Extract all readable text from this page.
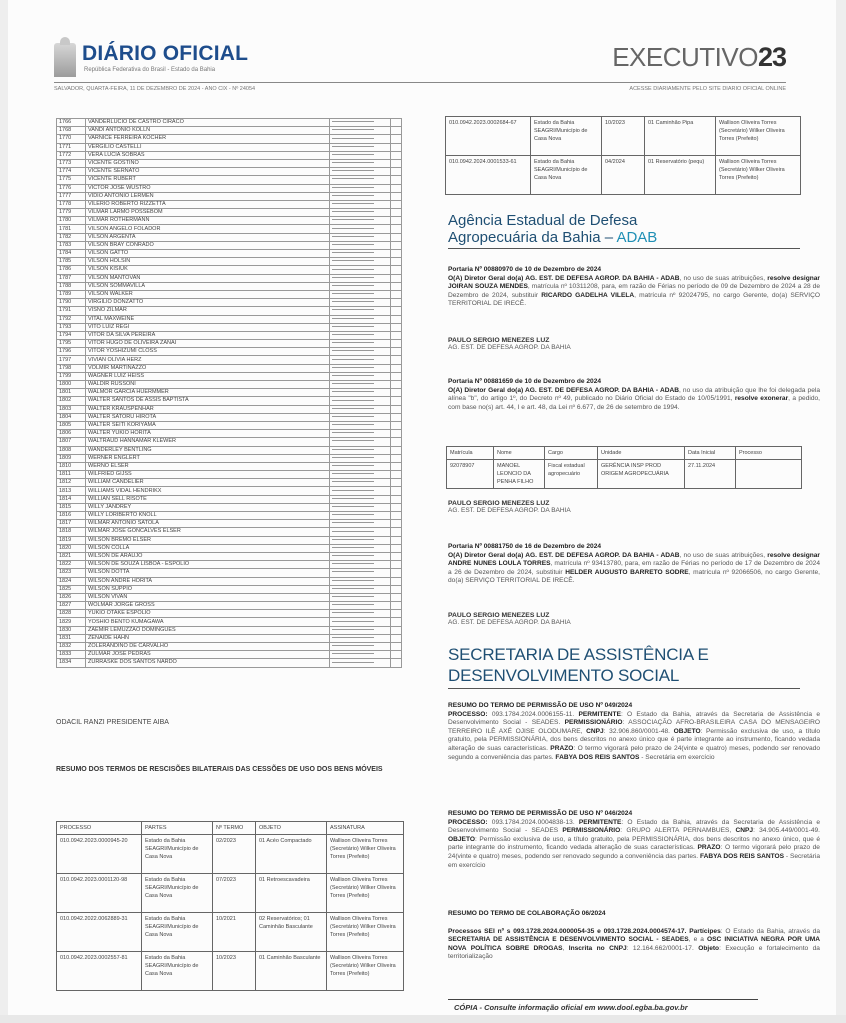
DIÁRIO OFICIAL
República Federativa do Brasil - Estado da Bahia	EXECUTIVO23
SALVADOR, QUARTA-FEIRA, 11 DE DEZEMBRO DE 2024 - ANO CIX - Nº 24054	ACESSE DIARIAMENTE PELO SITE DIARIO OFICIAL ONLINE
1766	VANDERLUCIO DE CASTRO CIRACO		
1768	VANDI ANTONIO KOLLN		
1770	VARNICE FERREIRA KOCHER		
1771	VERGILIO CASTELLI		
1772	VERA LUCIA SOBRAS		
1773	VICENTE GOSTINO		
1774	VICENTE SERNATO		
1775	VICENTE RUBERT		
1776	VICTOR JOSE WUSTRO		
1777	VIDIO ANTONIO LERMEN		
1778	VILERIO ROBERTO RIZZETTA		
1779	VILMAR LARMO POSSEBOM		
1780	VILMAR ROTHERMANN		
1781	VILSON ANGELO FOLADOR		
1782	VILSON ARGENTA		
1783	VILSON BRAY CONRADO		
1784	VILSON GATTO		
1785	VILSON HOLSIN		
1786	VILSON KISIUK		
1787	VILSON MANTOVAN		
1788	VILSON SOMMAVILLA		
1789	VILSON WALKER		
1790	VIRGILIO DONZATTO		
1791	VISNO ZILMAR		
1792	VITAL MAXWEINE		
1793	VITO LUIZ REGI		
1794	VITOR DA SILVA PEREIRA		
1795	VITOR HUGO DE OLIVEIRA ZANAI		
1796	VITOR YOSHIZUMI CLOSS		
1797	VIVIAN OLIVIA HERZ		
1798	VOLMIR MARTINAZZO		
1799	WAGNER LUIZ HEISS		
1800	WALDIR RUSSONI		
1801	WALMOR GARCIA HUERMMER		
1802	WALTER SANTOS DE ASSIS BAPTISTA		
1803	WALTER KRAUSPENHAR		
1804	WALTER SATORU HIROTA		
1805	WALTER SEITI KORIYAMA		
1806	WALTER YUKIO HORITA		
1807	WALTRAUD HANNAMAR KLEWER		
1808	WANDERLEY BENTLING		
1809	WERNER ENGLERT		
1810	WERNO ELSER		
1811	WILFRIED GIJSS		
1812	WILLIAM CANDELIER		
1813	WILLIAMS VIDAL HENDRIKX		
1814	WILLIAN SELL RISOTE		
1815	WILLY JANDREY		
1816	WILLY LORIBERTO KNOLL		
1817	WILMAR ANTONIO SATOLA		
1818	WILMAR JOSE GONCALVES ELSER		
1819	WILSON BREMO ELSER		
1820	WILSON COLLA		
1821	WILSON DE ARAUJO		
1822	WILSON DE SOUZA LISBOA - ESPÓLIO		
1823	WILSON DOTTA		
1824	WILSON ANDRE HORITA		
1825	WILSON SUPPIO		
1826	WILSON VIVAN		
1827	WOLMAR JORGE GROSS		
1828	YUKIO OTAKE ESPÓLIO		
1829	YOSHIO BENTO KUMAGAWA		
1830	ZAEMIR LEMUZZAO DOMINGUES		
1831	ZENAIDE HAHN		
1832	ZOLERANDINO DE CARVALHO		
1833	ZULMAR JOSE PEDRAS		
1834	ZURRASKE DOS SANTOS NARDO		
ODACIL RANZI PRESIDENTE AIBA
RESUMO DOS TERMOS DE RESCISÕES BILATERAIS DAS CESSÕES DE USO DOS BENS MÓVEIS
PROCESSO	PARTES	Nº TERMO	OBJETO	ASSINATURA
010.0942.2023.0000945-20	Estado da Bahia SEAGRI/Município de Casa Nova	02/2023	01 Acéo Compactado	Wallison Oliveira Torres (Secretário) Wilker Oliveira Torres (Prefeito)
010.0942.2023.0001120-98	Estado da Bahia SEAGRI/Município de Casa Nova	07/2023	01 Retroescavadeira	Wallison Oliveira Torres (Secretário) Wilker Oliveira Torres (Prefeito)
010.0942.2022.0062889-31	Estado da Bahia SEAGRI/Município de Casa Nova	10/2021	02 Reservatórios; 01 Caminhão Basculante	Wallison Oliveira Torres (Secretário) Wilker Oliveira Torres (Prefeito)
010.0942.2023.0002557-81	Estado da Bahia SEAGRI/Município de Casa Nova	10/2023	01 Caminhão Basculante	Wallison Oliveira Torres (Secretário) Wilker Oliveira Torres (Prefeito)
010.0942.2023.0002684-67	Estado da Bahia SEAGRI/Município de Casa Nova	10/2023	01 Caminhão Pipa	Wallison Oliveira Torres (Secretário) Wilker Oliveira Torres (Prefeito)
010.0942.2024.0001533-61	Estado da Bahia SEAGRI/Município de Casa Nova	04/2024	01 Reservatório (pequ)	Wallison Oliveira Torres (Secretário) Wilker Oliveira Torres (Prefeito)
Agência Estadual de Defesa
Agropecuária da Bahia – ADAB

Portaria Nº 00880970 de 10 de Dezembro de 2024
O(A) Diretor Geral do(a) AG. EST. DE DEFESA AGROP. DA BAHIA - ADAB, no uso de suas atribuições, resolve designar JOIRAN SOUZA MENDES, matrícula nº 10311208, para, em razão de Férias no período de 09 de Dezembro de 2024 a 28 de Dezembro de 2024, substituir RICARDO GADELHA VILELA, matrícula nº 92024795, no cargo Gerente, do(a) SERVIÇO TERRITORIAL DE IRECÊ.

PAULO SERGIO MENEZES LUZ
AG. EST. DE DEFESA AGROP. DA BAHIA

Portaria Nº 00881659 de 10 de Dezembro de 2024
O(A) Diretor Geral do(a) AG. EST. DE DEFESA AGROP. DA BAHIA - ADAB, no uso da atribuição que lhe foi delegada pela alínea "b", do artigo 1º, do Decreto nº 49, publicado no Diário Oficial do Estado de 10/05/1991, resolve exonerar, a pedido, com base no(s) art. 44, I e art. 48, da Lei nº 6.677, de 26 de setembro de 1994.

Matrícula	Nome	Cargo	Unidade	Data Inicial	Processo
92078907	MANOEL LEONCIO DA PENHA FILHO	Fiscal estadual agropecuário	GERÊNCIA INSP PROD ORIGEM AGROPECUÁRIA	27.11.2024	
PAULO SERGIO MENEZES LUZ
AG. EST. DE DEFESA AGROP. DA BAHIA

Portaria Nº 00881750 de 16 de Dezembro de 2024
O(A) Diretor Geral do(a) AG. EST. DE DEFESA AGROP. DA BAHIA - ADAB, no uso de suas atribuições, resolve designar ANDRE NUNES LOULA TORRES, matrícula nº 93413780, para, em razão de Férias no período de 17 de Dezembro de 2024 a 26 de Dezembro de 2024, substituir HELDER AUGUSTO BARRETO SODRE, matrícula nº 92066506, no cargo Gerente, do(a) SERVIÇO TERRITORIAL DE IRECÊ.

PAULO SERGIO MENEZES LUZ
AG. EST. DE DEFESA AGROP. DA BAHIA
SECRETARIA DE ASSISTÊNCIA E
DESENVOLVIMENTO SOCIAL

RESUMO DO TERMO DE PERMISSÃO DE USO Nº 049/2024
PROCESSO: 093.1784.2024.0006155-11. PERMITENTE: O Estado da Bahia, através da Secretaria de Assistência e Desenvolvimento Social - SEADES. PERMISSIONÁRIO: ASSOCIAÇÃO AFRO-BRASILEIRA CASA DO MENSAGEIRO TERREIRO ILÊ AXÉ OJISE OLODUMARE, CNPJ: 32.906.860/0001-48. OBJETO: Permissão exclusiva de uso, a título gratuito, pela PERMISSIONÁRIA, dos bens descritos no anexo único que é parte integrante ao instrumento, ficando vedada alteração de suas características. PRAZO: O termo vigorará pelo prazo de 24(vinte e quatro) meses, podendo ser renovado segundo a conveniência das partes. FABYA DOS REIS SANTOS - Secretária em exercício

RESUMO DO TERMO DE PERMISSÃO DE USO Nº 046/2024
PROCESSO: 093.1784.2024.0004838-13. PERMITENTE: O Estado da Bahia, através da Secretaria de Assistência e Desenvolvimento Social - SEADES PERMISSIONÁRIO: GRUPO ALERTA PERNAMBUES, CNPJ: 34.905.449/0001-49. OBJETO: Permissão exclusiva de uso, a título gratuito, pela PERMISSIONÁRIA, dos bens descritos no anexo único, que é parte integrante do instrumento, ficando vedada alteração de suas características. PRAZO: O termo vigorará pelo prazo de 24(vinte e quatro) meses, podendo ser renovado segundo a conveniência das partes. FABYA DOS REIS SANTOS - Secretária em exercício

RESUMO DO TERMO DE COLABORAÇÃO 06/2024

Processos SEI nº s 093.1728.2024.0000054-35 e 093.1728.2024.0004574-17. Partícipes: O Estado da Bahia, através da SECRETARIA DE ASSISTÊNCIA E DESENVOLVIMENTO SOCIAL - SEADES, e a OSC INICIATIVA NEGRA POR UMA NOVA POLÍTICA SOBRE DROGAS, Inscrita no CNPJ: 12.164.662/0001-17. Objeto: Execução e fortalecimento da territorialização

CÓPIA - Consulte informação oficial em www.dool.egba.ba.gov.br
